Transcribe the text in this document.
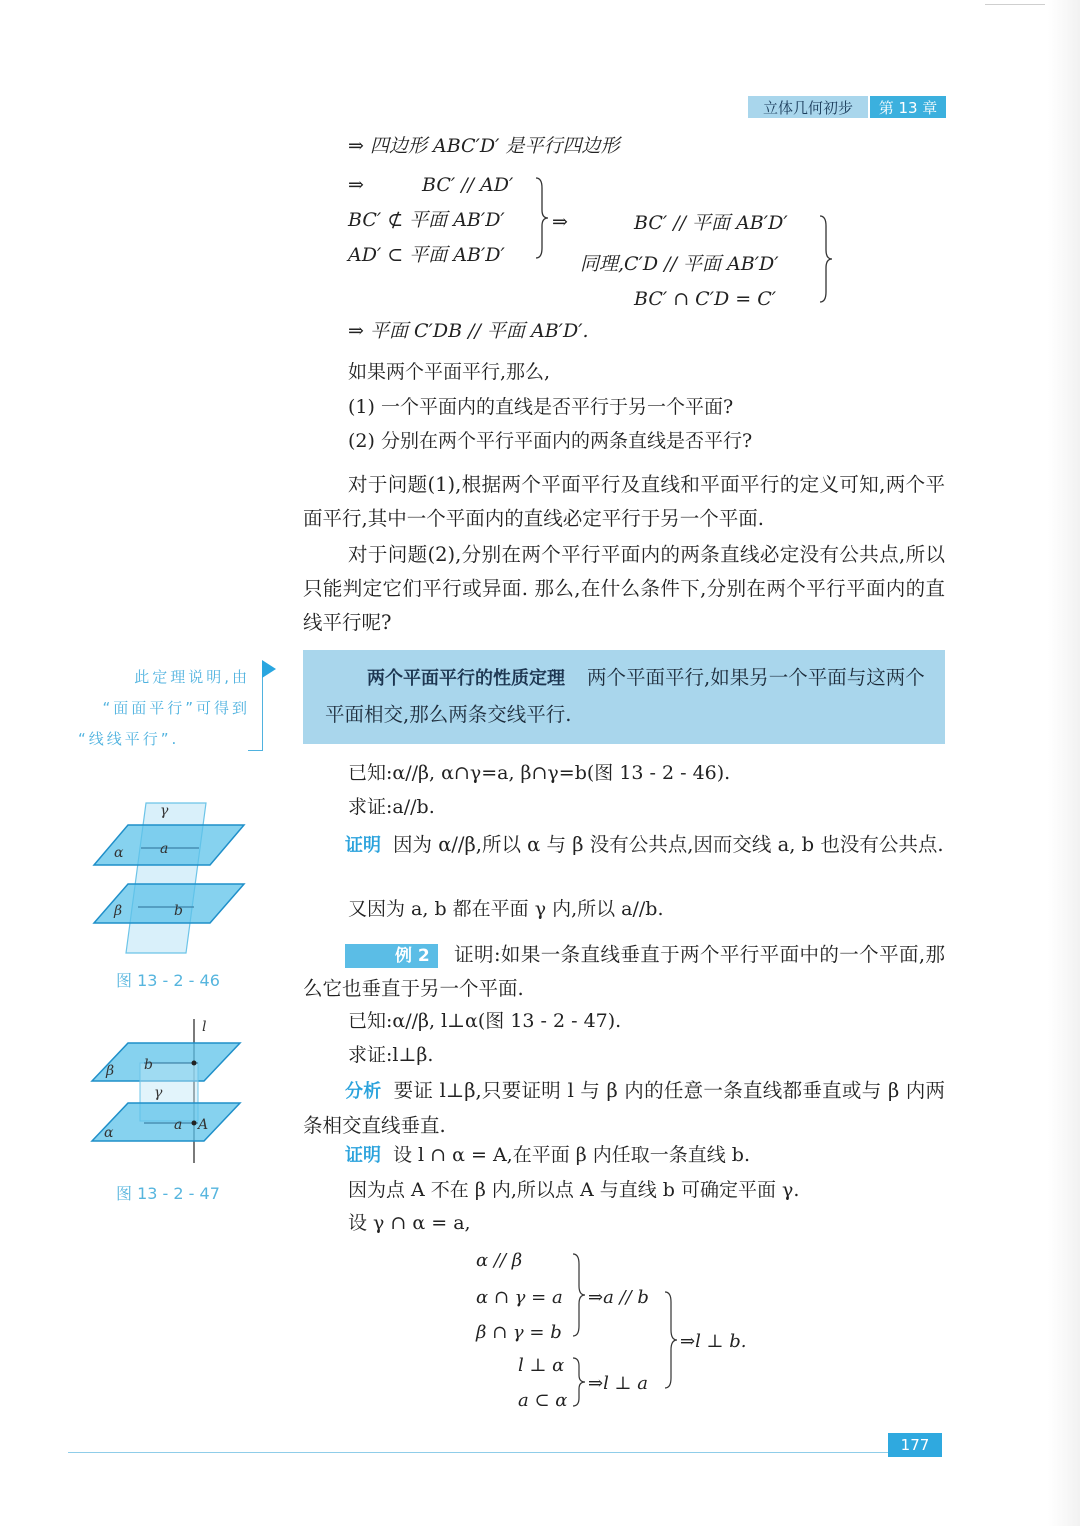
立体几何初步	第 13 章
⇒ 四边形 ABC′D′ 是平行四边形
⇒	BC′ // AD′
BC′ ⊄ 平面 AB′D′
AD′ ⊂ 平面 AB′D′
⇒	BC′ // 平面 AB′D′
同理,C′D // 平面 AB′D′
BC′ ∩ C′D = C′
⇒ 平面 C′DB // 平面 AB′D′.
如果两个平面平行,那么,
(1) 一个平面内的直线是否平行于另一个平面?
(2) 分别在两个平行平面内的两条直线是否平行?
对于问题(1),根据两个平面平行及直线和平面平行的定义可知,两个平面平行,其中一个平面内的直线必定平行于另一个平面.
对于问题(2),分别在两个平行平面内的两条直线必定没有公共点,所以只能判定它们平行或异面. 那么,在什么条件下,分别在两个平行平面内的直线平行呢?
两个平面平行的性质定理 两个平面平行,如果另一个平面与这两个平面相交,那么两条交线平行.
此定理说明,由
“面面平行”可得到
“线线平行”.
γ
α	a
β	b
图 13 - 2 - 46
l
β b
γ
α	a A
图 13 - 2 - 47
已知:α//β, α∩γ=a, β∩γ=b(图 13 - 2 - 46).
求证:a//b.
证明 因为 α//β,所以 α 与 β 没有公共点,因而交线 a, b 也没有公共点.
又因为 a, b 都在平面 γ 内,所以 a//b.
例 2 证明:如果一条直线垂直于两个平行平面中的一个平面,那么它也垂直于另一个平面.
已知:α//β, l⊥α(图 13 - 2 - 47).
求证:l⊥β.
分析 要证 l⊥β,只要证明 l 与 β 内的任意一条直线都垂直或与 β 内两条相交直线垂直.
证明 设 l ∩ α = A,在平面 β 内任取一条直线 b.
因为点 A 不在 β 内,所以点 A 与直线 b 可确定平面 γ.
设 γ ∩ α = a,
α // β
α ∩ γ = a
β ∩ γ = b
⇒a // b
l ⊥ α
a ⊂ α
⇒l ⊥ a
⇒l ⊥ b.
177
